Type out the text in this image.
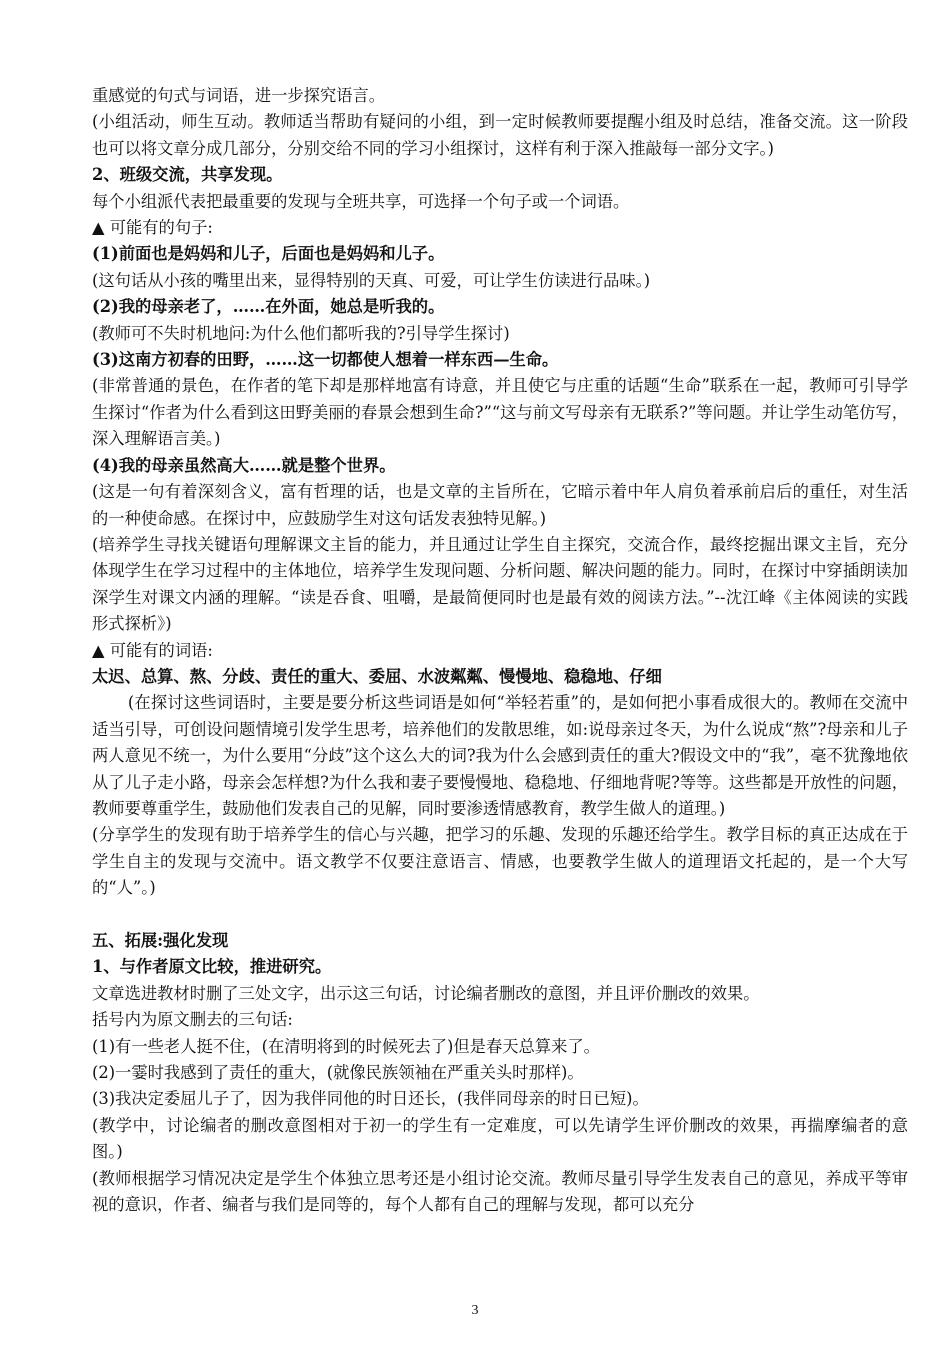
重感觉的句式与词语，进一步探究语言。

(小组活动，师生互动。教师适当帮助有疑问的小组，到一定时候教师要提醒小组及时总结，准备交流。这一阶段也可以将文章分成几部分，分别交给不同的学习小组探讨，这样有利于深入推敲每一部分文字。)

2、班级交流，共享发现。

每个小组派代表把最重要的发现与全班共享，可选择一个句子或一个词语。

▲ 可能有的句子:

(1)前面也是妈妈和儿子，后面也是妈妈和儿子。

(这句话从小孩的嘴里出来，显得特别的天真、可爱，可让学生仿读进行品味。)

(2)我的母亲老了，……在外面，她总是听我的。

(教师可不失时机地问:为什么他们都听我的?引导学生探讨)

(3)这南方初春的田野，……这一切都使人想着一样东西—生命。

(非常普通的景色，在作者的笔下却是那样地富有诗意，并且使它与庄重的话题“生命”联系在一起，教师可引导学生探讨“作者为什么看到这田野美丽的春景会想到生命?”“这与前文写母亲有无联系?”等问题。并让学生动笔仿写，深入理解语言美。)

(4)我的母亲虽然高大……就是整个世界。

(这是一句有着深刻含义，富有哲理的话，也是文章的主旨所在，它暗示着中年人肩负着承前启后的重任，对生活的一种使命感。在探讨中，应鼓励学生对这句话发表独特见解。)

(培养学生寻找关键语句理解课文主旨的能力，并且通过让学生自主探究，交流合作，最终挖掘出课文主旨，充分体现学生在学习过程中的主体地位，培养学生发现问题、分析问题、解决问题的能力。同时，在探讨中穿插朗读加深学生对课文内涵的理解。“读是吞食、咀嚼，是最简便同时也是最有效的阅读方法。”--沈江峰《主体阅读的实践形式探析》)

▲ 可能有的词语:

太迟、总算、熬、分歧、责任的重大、委屈、水波粼粼、慢慢地、稳稳地、仔细

(在探讨这些词语时，主要是要分析这些词语是如何“举轻若重”的，是如何把小事看成很大的。教师在交流中适当引导，可创设问题情境引发学生思考，培养他们的发散思维，如:说母亲过冬天，为什么说成“熬”?母亲和儿子两人意见不统一，为什么要用“分歧”这个这么大的词?我为什么会感到责任的重大?假设文中的“我”，毫不犹豫地依从了儿子走小路，母亲会怎样想?为什么我和妻子要慢慢地、稳稳地、仔细地背呢?等等。这些都是开放性的问题，教师要尊重学生，鼓励他们发表自己的见解，同时要渗透情感教育，教学生做人的道理。)

(分享学生的发现有助于培养学生的信心与兴趣，把学习的乐趣、发现的乐趣还给学生。教学目标的真正达成在于学生自主的发现与交流中。语文教学不仅要注意语言、情感，也要教学生做人的道理语文托起的，是一个大写的“人”。)

五、拓展:强化发现

1、与作者原文比较，推进研究。

文章选进教材时删了三处文字，出示这三句话，讨论编者删改的意图，并且评价删改的效果。

括号内为原文删去的三句话:

(1)有一些老人挺不住，(在清明将到的时候死去了)但是春天总算来了。

(2)一霎时我感到了责任的重大，(就像民族领袖在严重关头时那样)。

(3)我决定委屈儿子了，因为我伴同他的时日还长，(我伴同母亲的时日已短)。

(教学中，讨论编者的删改意图相对于初一的学生有一定难度，可以先请学生评价删改的效果，再揣摩编者的意图。)

(教师根据学习情况决定是学生个体独立思考还是小组讨论交流。教师尽量引导学生发表自己的意见，养成平等审视的意识，作者、编者与我们是同等的，每个人都有自己的理解与发现，都可以充分

3
